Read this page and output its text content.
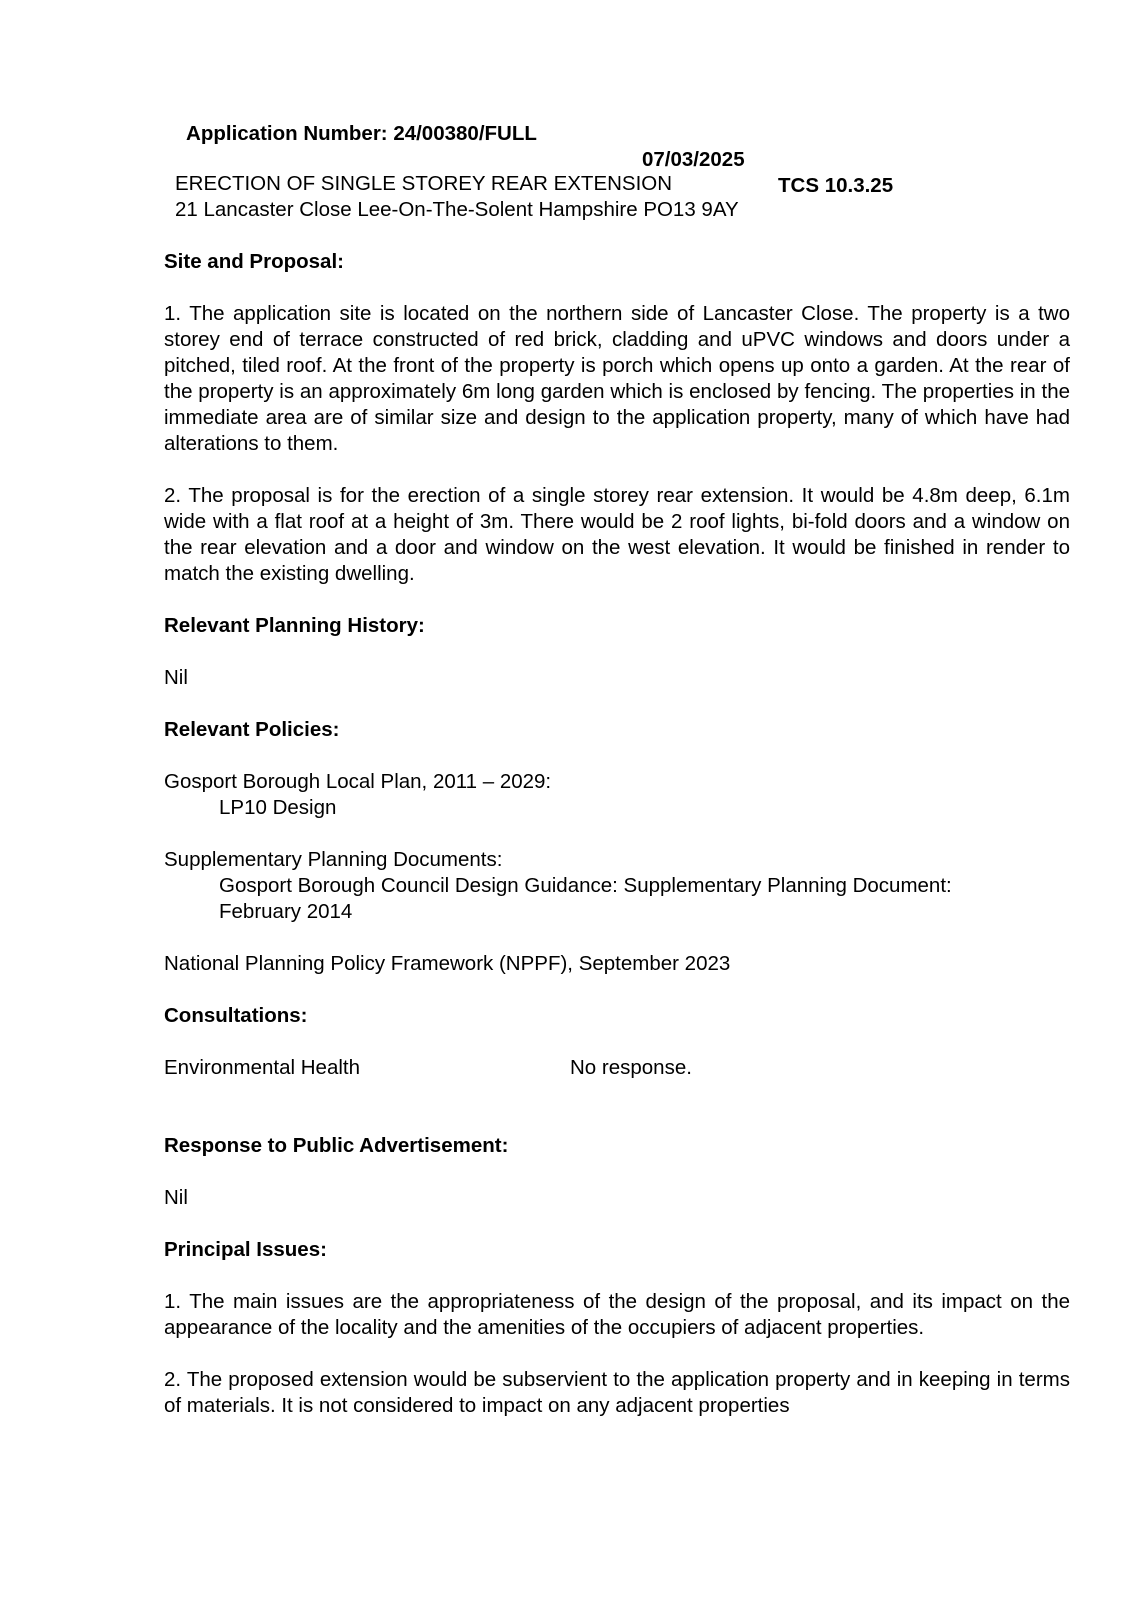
Application Number: 24/00380/FULL

07/03/2025

TCS 10.3.25

ERECTION OF SINGLE STOREY REAR EXTENSION
21 Lancaster Close Lee-On-The-Solent Hampshire PO13 9AY
Site and Proposal:

1. The application site is located on the northern side of Lancaster Close. The property is a two storey end of terrace constructed of red brick, cladding and uPVC windows and doors under a pitched, tiled roof. At the front of the property is porch which opens up onto a garden. At the rear of the property is an approximately 6m long garden which is enclosed by fencing. The properties in the immediate area are of similar size and design to the application property, many of which have had alterations to them.

2. The proposal is for the erection of a single storey rear extension. It would be 4.8m deep, 6.1m wide with a flat roof at a height of 3m. There would be 2 roof lights, bi-fold doors and a window on the rear elevation and a door and window on the west elevation. It would be finished in render to match the existing dwelling.

Relevant Planning History:

Nil

Relevant Policies:

Gosport Borough Local Plan, 2011 – 2029:

LP10 Design

Supplementary Planning Documents:

Gosport Borough Council Design Guidance: Supplementary Planning Document:

February 2014

National Planning Policy Framework (NPPF), September 2023

Consultations:
Environmental Health	No response.
Response to Public Advertisement:

Nil

Principal Issues:

1. The main issues are the appropriateness of the design of the proposal, and its impact on the appearance of the locality and the amenities of the occupiers of adjacent properties.

2. The proposed extension would be subservient to the application property and in keeping in terms of materials. It is not considered to impact on any adjacent properties
